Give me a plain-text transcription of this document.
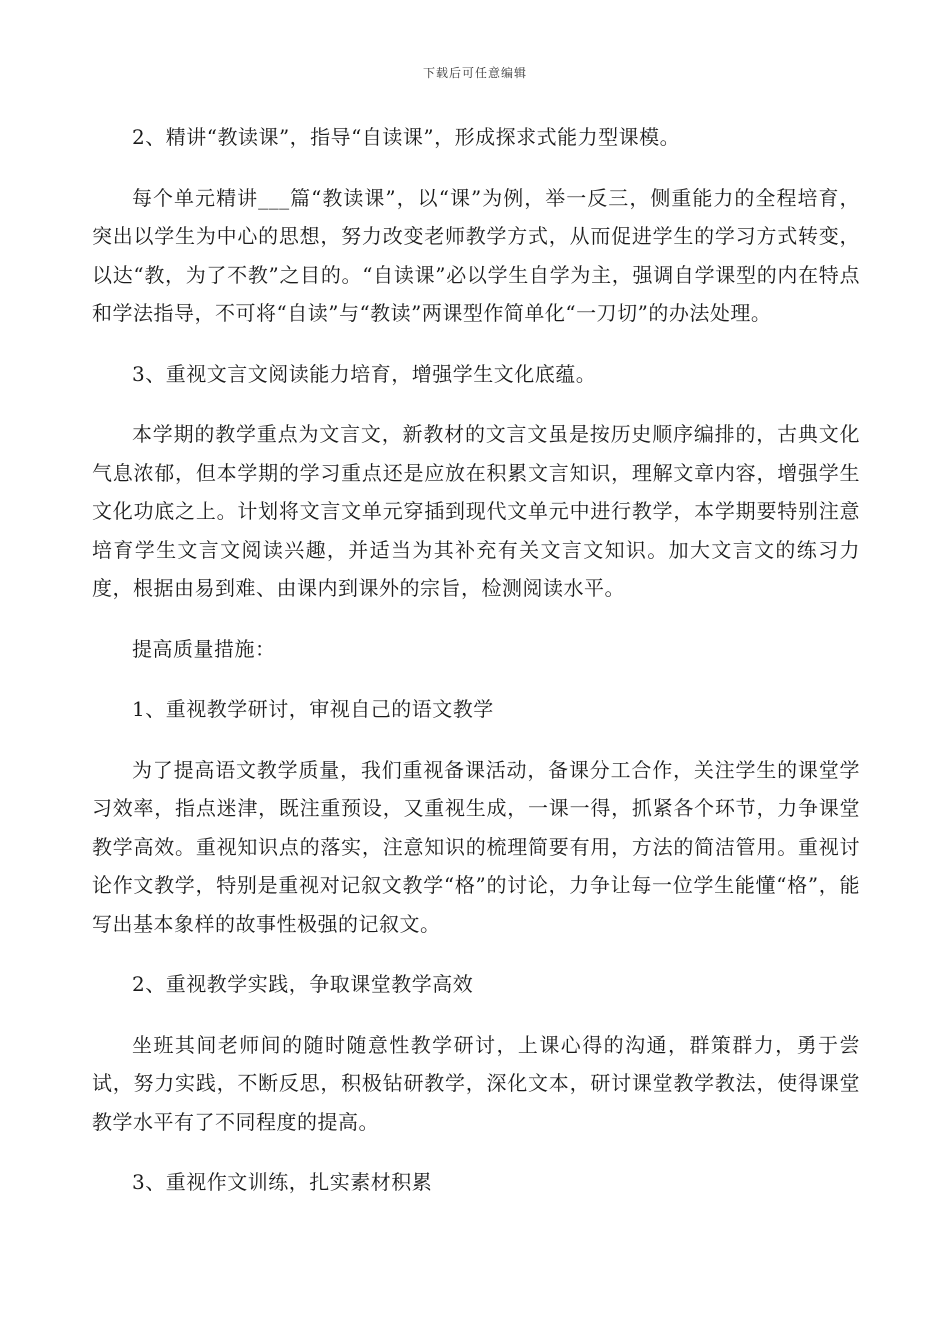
下载后可任意编辑

2、精讲“教读课”，指导“自读课”，形成探求式能力型课模。

每个单元精讲___篇“教读课”，以“课”为例，举一反三，侧重能力的全程培育，突出以学生为中心的思想，努力改变老师教学方式，从而促进学生的学习方式转变，以达“教，为了不教”之目的。“自读课”必以学生自学为主，强调自学课型的内在特点和学法指导，不可将“自读”与“教读”两课型作简单化“一刀切”的办法处理。

3、重视文言文阅读能力培育，增强学生文化底蕴。

本学期的教学重点为文言文，新教材的文言文虽是按历史顺序编排的，古典文化气息浓郁，但本学期的学习重点还是应放在积累文言知识，理解文章内容，增强学生文化功底之上。计划将文言文单元穿插到现代文单元中进行教学，本学期要特别注意培育学生文言文阅读兴趣，并适当为其补充有关文言文知识。加大文言文的练习力度，根据由易到难、由课内到课外的宗旨，检测阅读水平。

提高质量措施：

1、重视教学研讨，审视自己的语文教学

为了提高语文教学质量，我们重视备课活动，备课分工合作，关注学生的课堂学习效率，指点迷津，既注重预设，又重视生成，一课一得，抓紧各个环节，力争课堂教学高效。重视知识点的落实，注意知识的梳理简要有用，方法的简洁管用。重视讨论作文教学，特别是重视对记叙文教学“格”的讨论，力争让每一位学生能懂“格”，能写出基本象样的故事性极强的记叙文。

2、重视教学实践，争取课堂教学高效

坐班其间老师间的随时随意性教学研讨，上课心得的沟通，群策群力，勇于尝试，努力实践，不断反思，积极钻研教学，深化文本，研讨课堂教学教法，使得课堂教学水平有了不同程度的提高。

3、重视作文训练，扎实素材积累
